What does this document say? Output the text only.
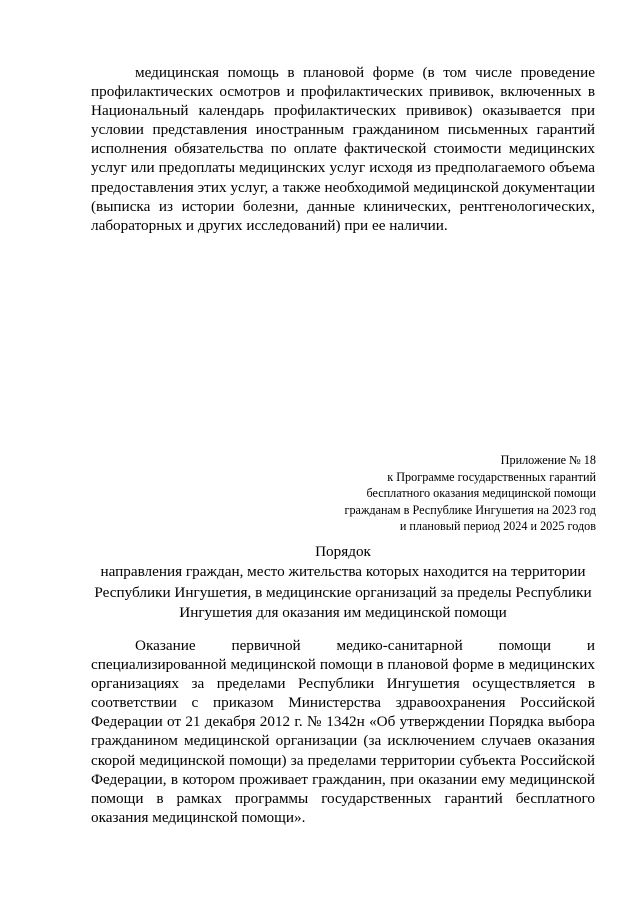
медицинская помощь в плановой форме (в том числе проведение профилактических осмотров и профилактических прививок, включенных в Национальный календарь профилактических прививок) оказывается при условии представления иностранным гражданином письменных гарантий исполнения обязательства по оплате фактической стоимости медицинских услуг или предоплаты медицинских услуг исходя из предполагаемого объема предоставления этих услуг, а также необходимой медицинской документации (выписка из истории болезни, данные клинических, рентгенологических, лабораторных и других исследований) при ее наличии.

Приложение № 18
к Программе государственных гарантий
бесплатного оказания медицинской помощи
гражданам в Республике Ингушетия на 2023 год
и плановый период 2024 и 2025 годов
Порядок
направления граждан, место жительства которых находится на территории
Республики Ингушетия, в медицинские организаций за пределы Республики
Ингушетия для оказания им медицинской помощи

Оказание первичной медико-санитарной помощи и специализированной медицинской помощи в плановой форме в медицинских организациях за пределами Республики Ингушетия осуществляется в соответствии с приказом Министерства здравоохранения Российской Федерации от 21 декабря 2012 г. № 1342н «Об утверждении Порядка выбора гражданином медицинской организации (за исключением случаев оказания скорой медицинской помощи) за пределами территории субъекта Российской Федерации, в котором проживает гражданин, при оказании ему медицинской помощи в рамках программы государственных гарантий бесплатного оказания медицинской помощи».
